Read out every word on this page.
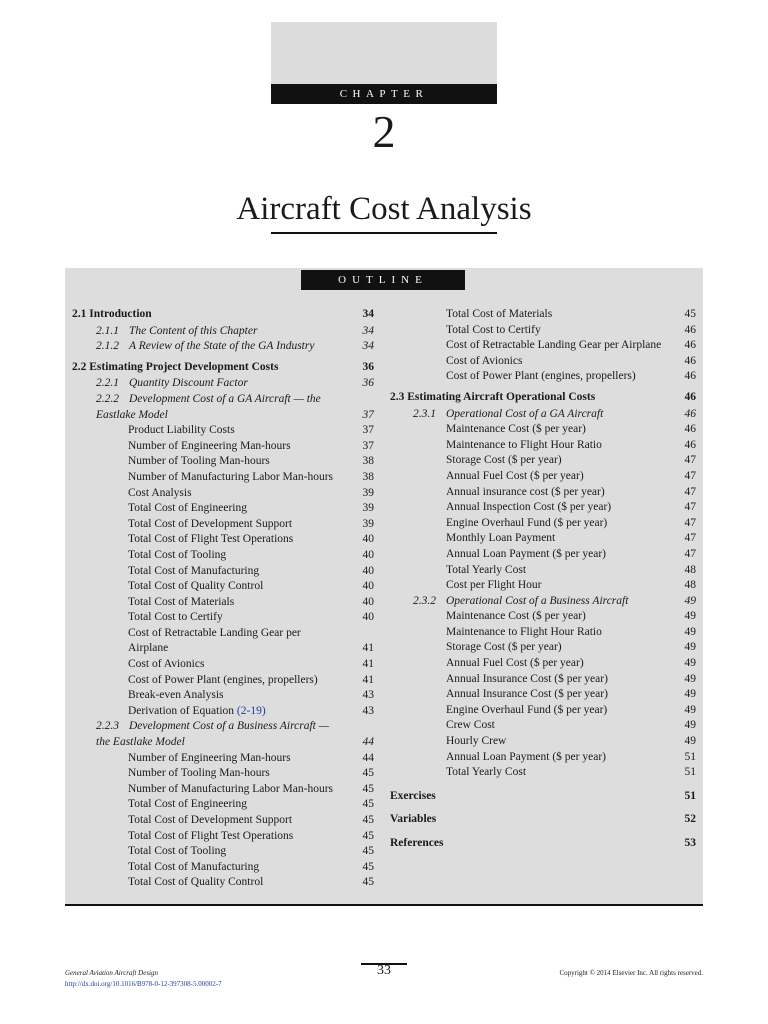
CHAPTER
2
Aircraft Cost Analysis
OUTLINE
2.1 Introduction	34
2.1.1 The Content of this Chapter	34
2.1.2 A Review of the State of the GA Industry	34
2.2 Estimating Project Development Costs	36
2.2.1 Quantity Discount Factor	36
2.2.2 Development Cost of a GA Aircraft — the

Eastlake Model	37
Product Liability Costs	37
Number of Engineering Man-hours	37
Number of Tooling Man-hours	38
Number of Manufacturing Labor Man-hours	38
Cost Analysis	39
Total Cost of Engineering	39
Total Cost of Development Support	39
Total Cost of Flight Test Operations	40
Total Cost of Tooling	40
Total Cost of Manufacturing	40
Total Cost of Quality Control	40
Total Cost of Materials	40
Total Cost to Certify	40
Cost of Retractable Landing Gear per
Airplane	41
Cost of Avionics	41
Cost of Power Plant (engines, propellers)	41
Break-even Analysis	43
Derivation of Equation (2-19)	43
2.2.3 Development Cost of a Business Aircraft —

the Eastlake Model	44
Number of Engineering Man-hours	44
Number of Tooling Man-hours	45
Number of Manufacturing Labor Man-hours	45
Total Cost of Engineering	45
Total Cost of Development Support	45
Total Cost of Flight Test Operations	45
Total Cost of Tooling	45
Total Cost of Manufacturing	45
Total Cost of Quality Control	45
Total Cost of Materials	45
Total Cost to Certify	46
Cost of Retractable Landing Gear per Airplane	46
Cost of Avionics	46
Cost of Power Plant (engines, propellers)	46
2.3 Estimating Aircraft Operational Costs	46
2.3.1 Operational Cost of a GA Aircraft	46
Maintenance Cost ($ per year)	46
Maintenance to Flight Hour Ratio	46
Storage Cost ($ per year)	47
Annual Fuel Cost ($ per year)	47
Annual insurance cost ($ per year)	47
Annual Inspection Cost ($ per year)	47
Engine Overhaul Fund ($ per year)	47
Monthly Loan Payment	47
Annual Loan Payment ($ per year)	47
Total Yearly Cost	48
Cost per Flight Hour	48
2.3.2 Operational Cost of a Business Aircraft	49
Maintenance Cost ($ per year)	49
Maintenance to Flight Hour Ratio	49
Storage Cost ($ per year)	49
Annual Fuel Cost ($ per year)	49
Annual Insurance Cost ($ per year)	49
Annual Insurance Cost ($ per year)	49
Engine Overhaul Fund ($ per year)	49
Crew Cost	49
Hourly Crew	49
Annual Loan Payment ($ per year)	51
Total Yearly Cost	51
Exercises	51
Variables	52
References	53
General Aviation Aircraft Design
http://dx.doi.org/10.1016/B978-0-12-397308-5.00002-7
33	Copyright © 2014 Elsevier Inc. All rights reserved.
